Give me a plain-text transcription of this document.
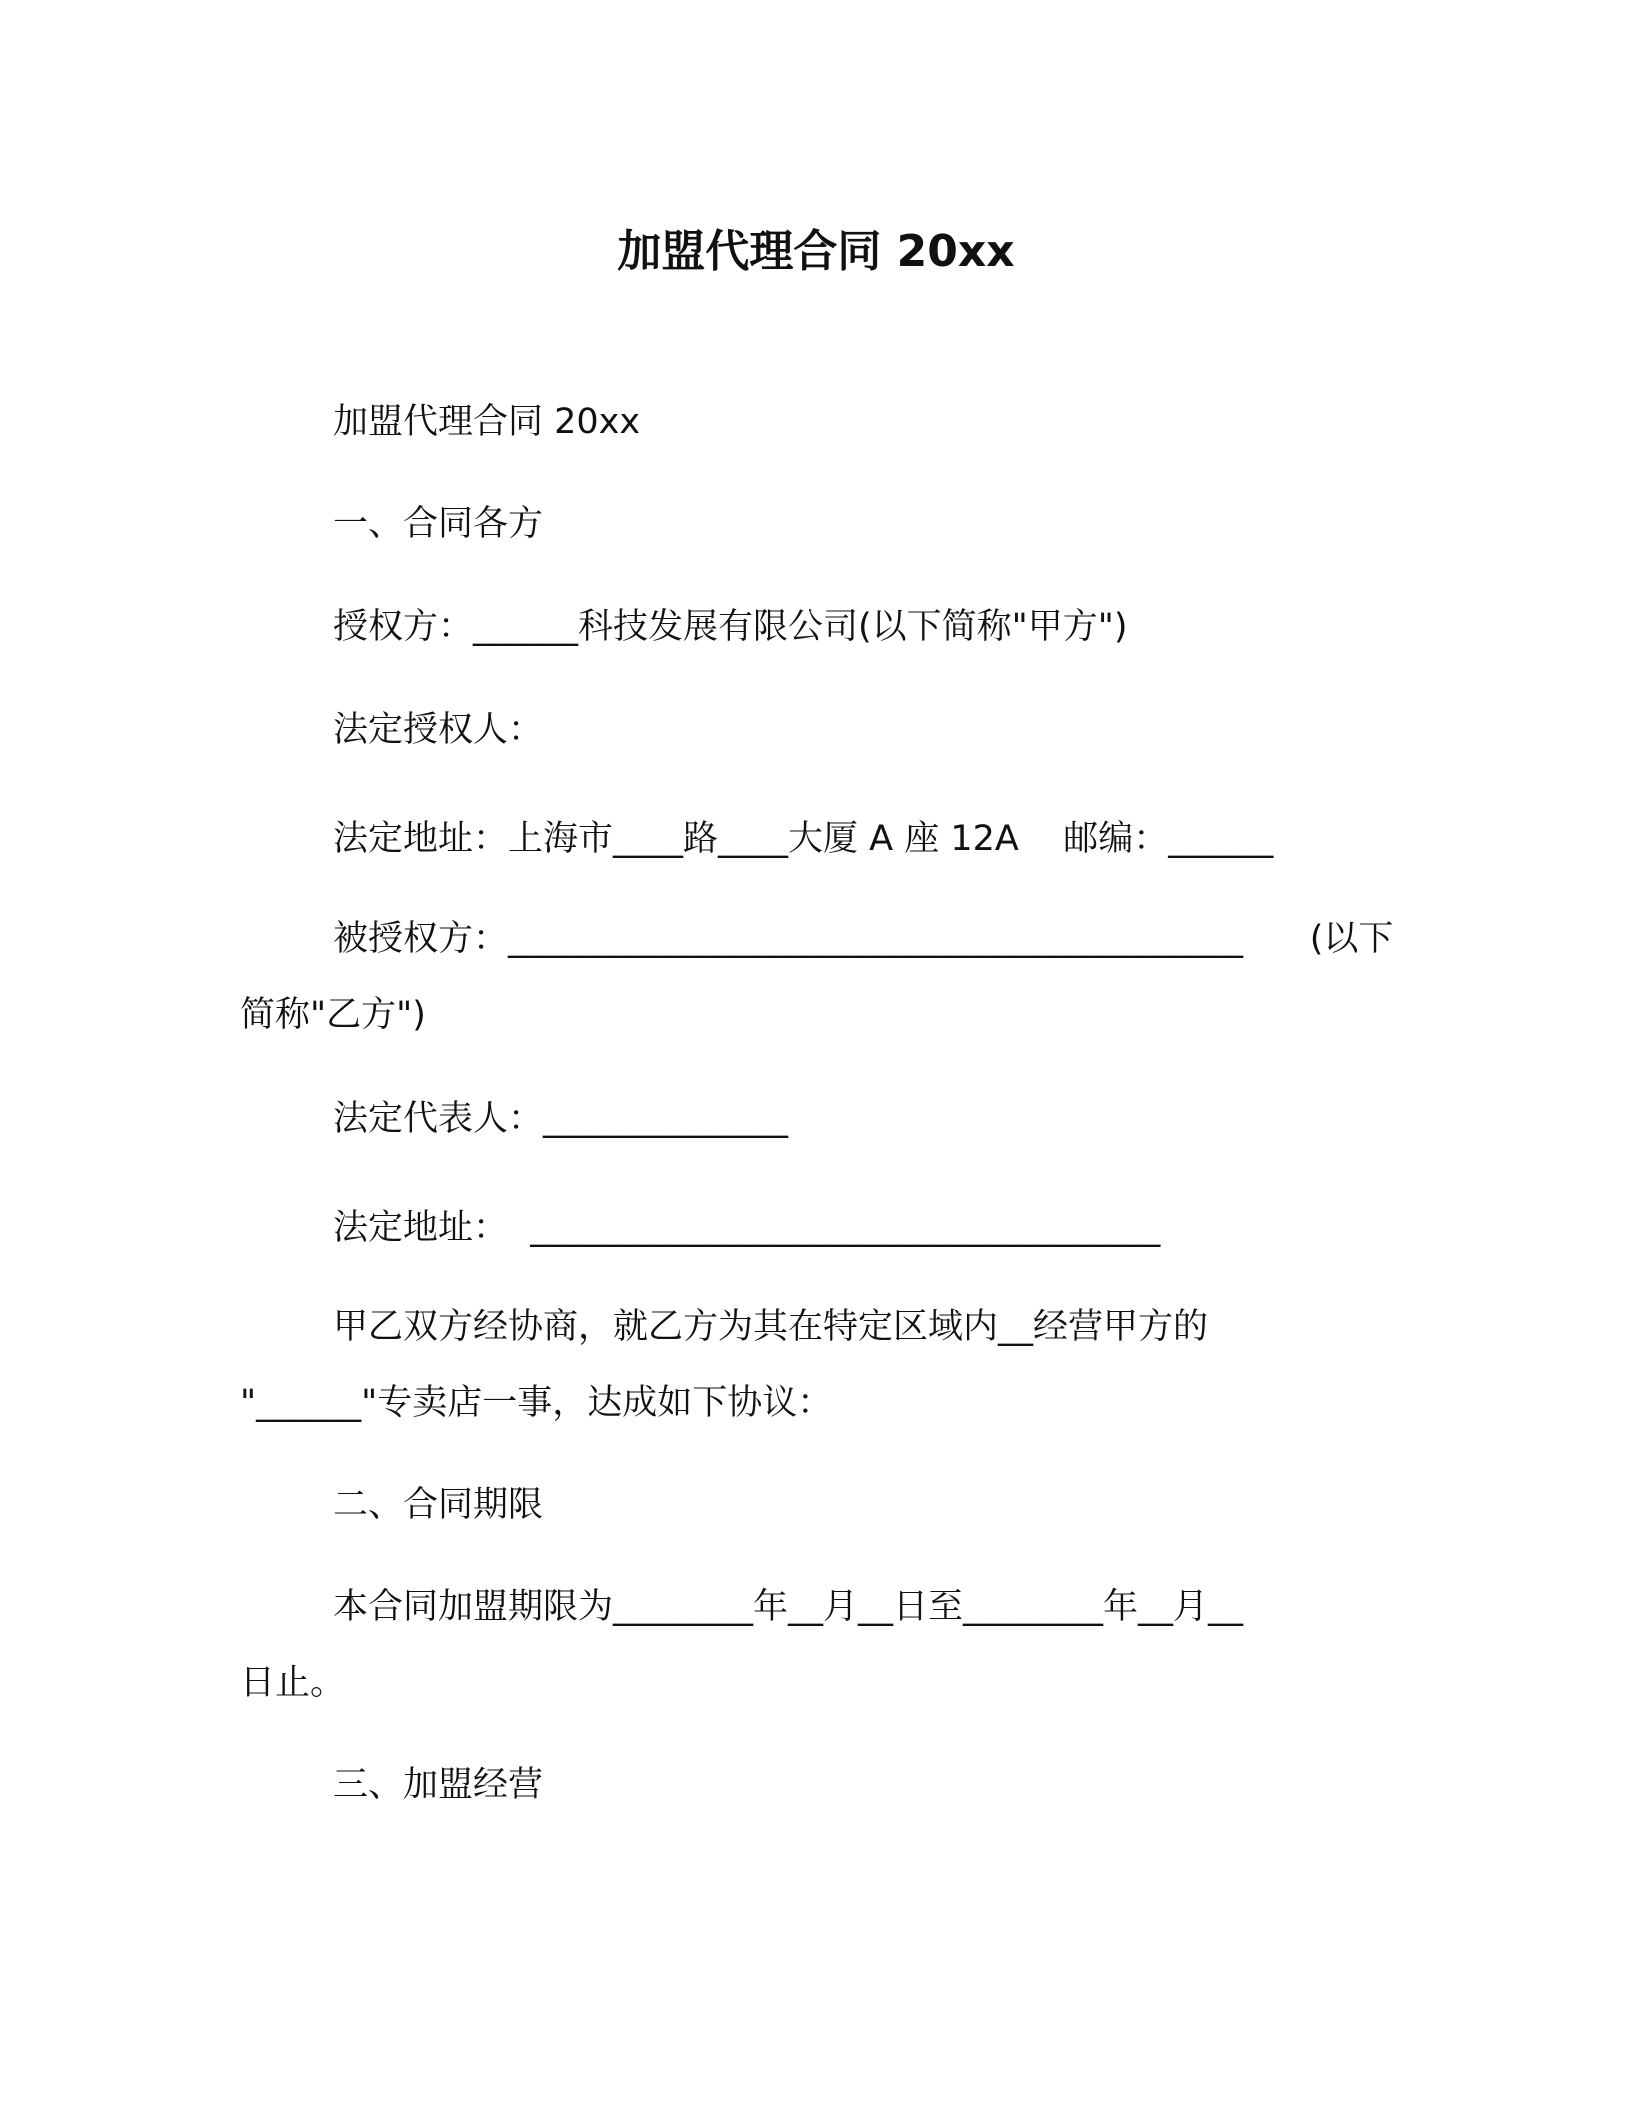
加盟代理合同 20xx
加盟代理合同 20xx
一、合同各方
授权方：______科技发展有限公司(以下简称"甲方")
法定授权人：
法定地址：上海市____路____大厦 A 座 12A    邮编：______
被授权方：__________________________________________      (以下
简称"乙方")
法定代表人：______________
法定地址：  ____________________________________
甲乙双方经协商，就乙方为其在特定区域内__经营甲方的
"______"专卖店一事，达成如下协议：
二、合同期限
本合同加盟期限为________年__月__日至________年__月__
日止。
三、加盟经营
